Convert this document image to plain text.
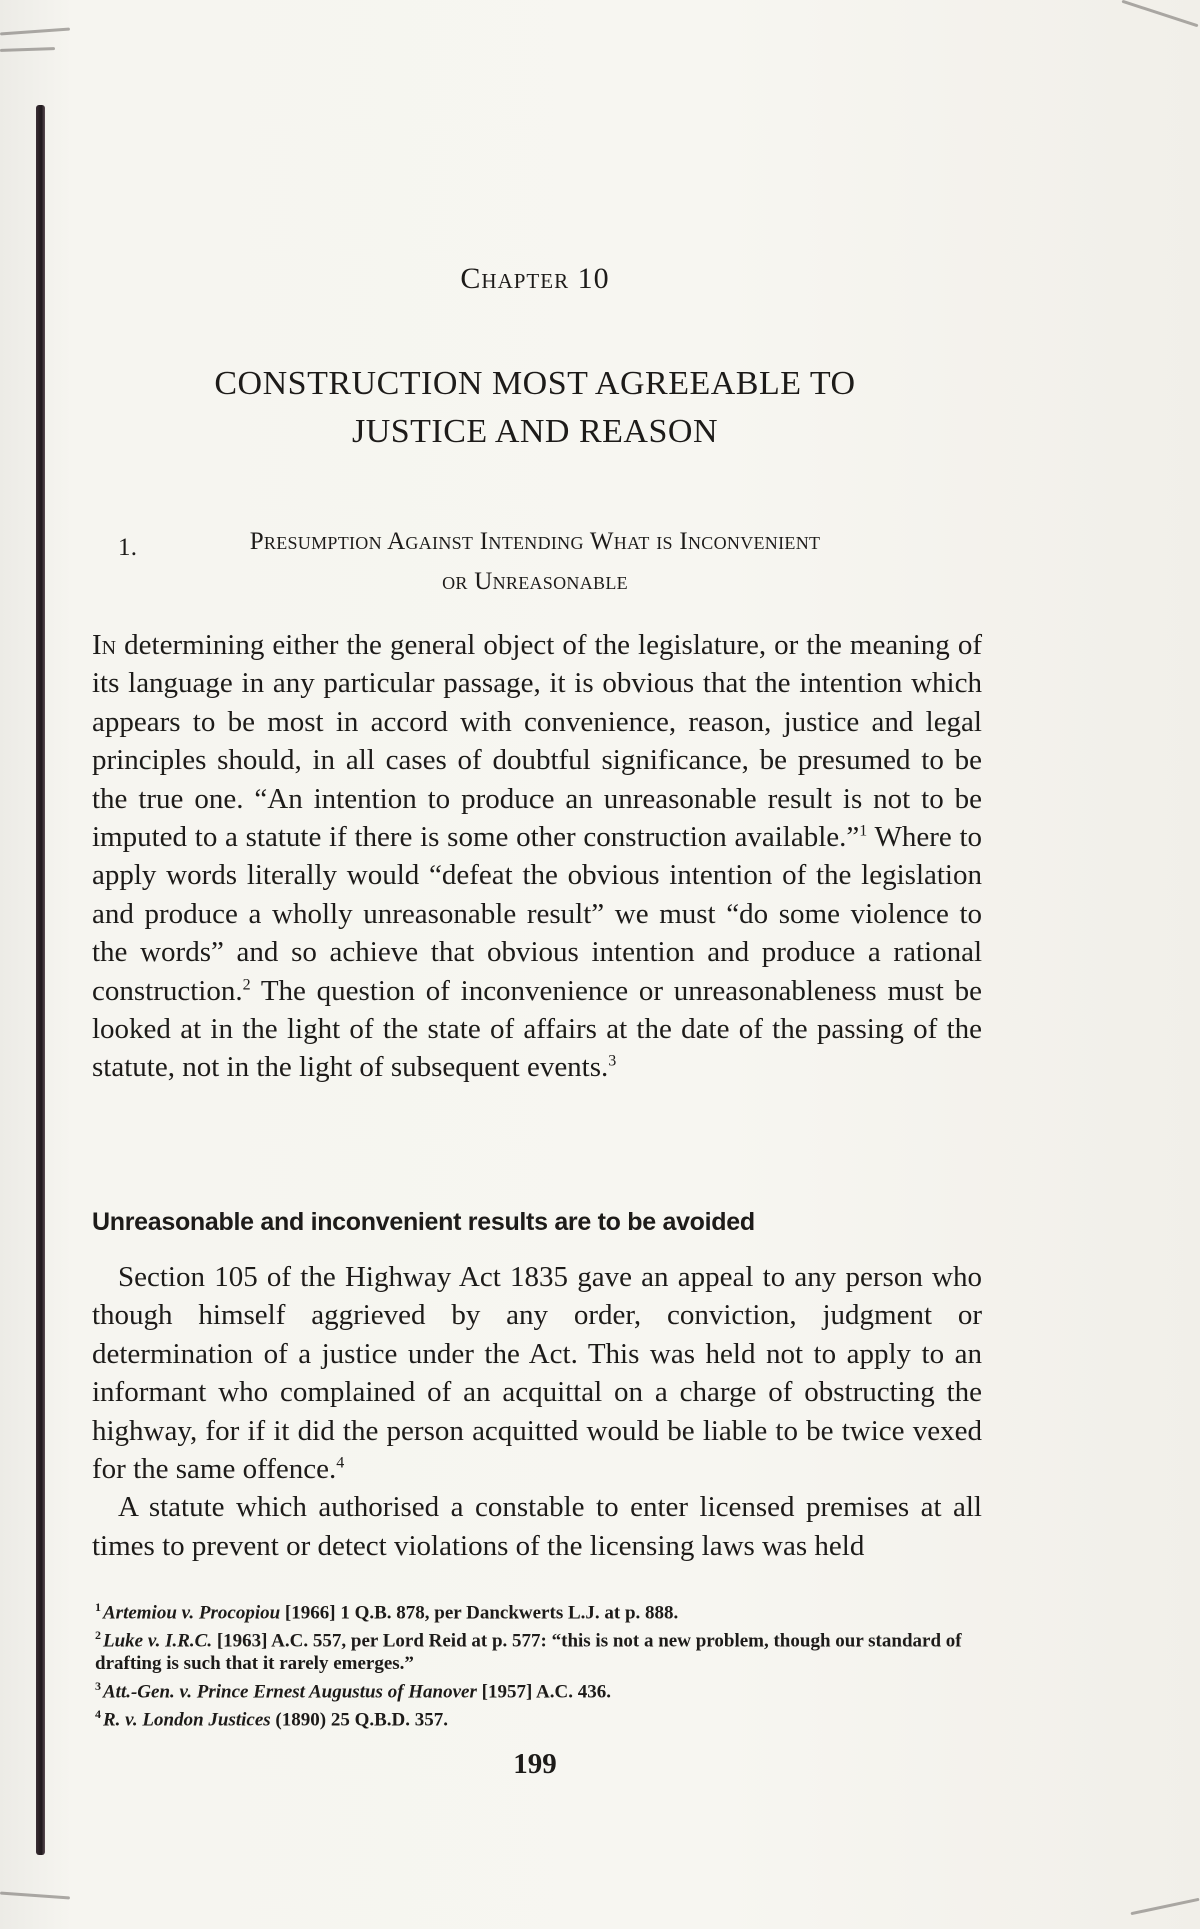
Chapter 10
CONSTRUCTION MOST AGREEABLE TO
JUSTICE AND REASON
1.	Presumption Against Intending What is Inconvenient
or Unreasonable
In determining either the general object of the legislature, or the meaning of its language in any particular passage, it is obvious that the intention which appears to be most in accord with convenience, reason, justice and legal principles should, in all cases of doubtful significance, be presumed to be the true one. “An intention to produce an unreasonable result is not to be imputed to a statute if there is some other construction available.”$^1$ Where to apply words literally would “defeat the obvious intention of the legislation and produce a wholly unreasonable result” we must “do some violence to the words” and so achieve that obvious intention and produce a rational construction.$^2$ The question of inconvenience or unreasonableness must be looked at in the light of the state of affairs at the date of the passing of the statute, not in the light of subsequent events.$^3$
Unreasonable and inconvenient results are to be avoided

Section 105 of the Highway Act 1835 gave an appeal to any person who though himself aggrieved by any order, conviction, judgment or determination of a justice under the Act. This was held not to apply to an informant who complained of an acquittal on a charge of obstructing the highway, for if it did the person acquitted would be liable to be twice vexed for the same offence.$^4$

A statute which authorised a constable to enter licensed premises at all times to prevent or detect violations of the licensing laws was held

$^1$ Artemiou v. Procopiou [1966] 1 Q.B. 878, per Danckwerts L.J. at p. 888.
$^2$ Luke v. I.R.C. [1963] A.C. 557, per Lord Reid at p. 577: “this is not a new problem, though our standard of drafting is such that it rarely emerges.”
$^3$ Att.-Gen. v. Prince Ernest Augustus of Hanover [1957] A.C. 436.
$^4$ R. v. London Justices (1890) 25 Q.B.D. 357.
199
